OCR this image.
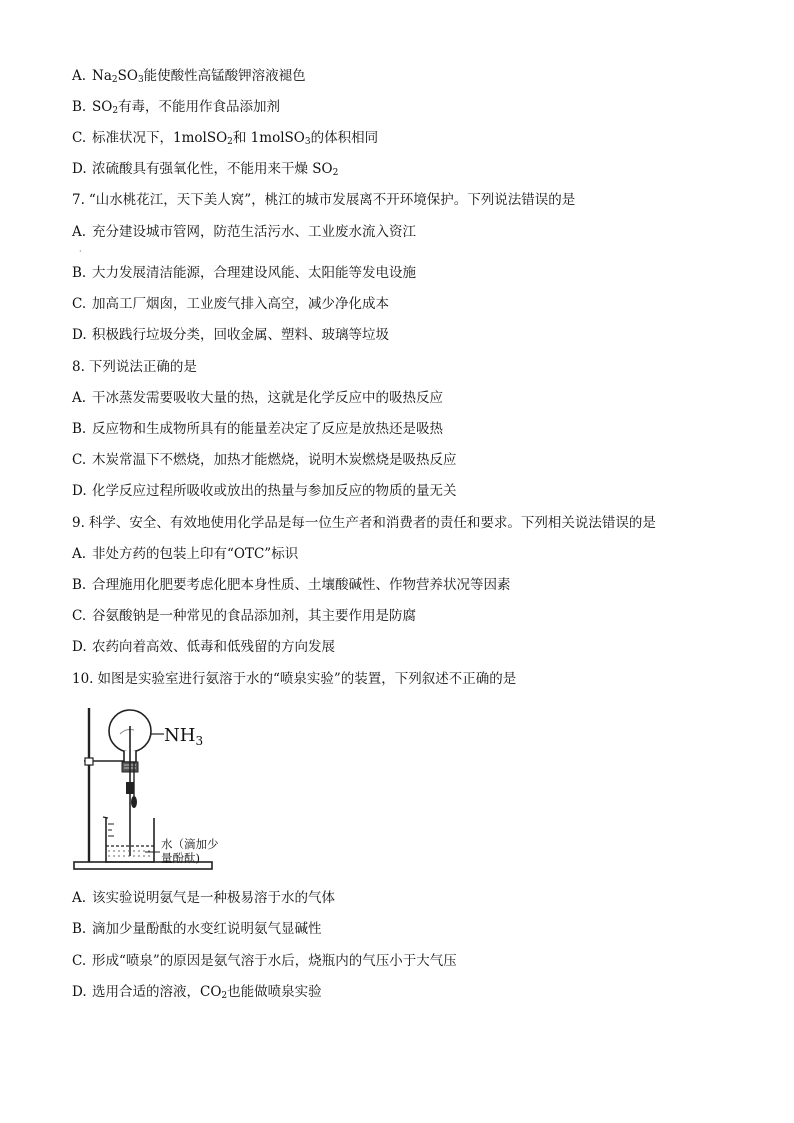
A. $Na_2SO_3$能使酸性高锰酸钾溶液褪色
B. $SO_2$有毒，不能用作食品添加剂
C. 标准状况下，1molSO$_2$和 1molSO$_3$的体积相同
D. 浓硫酸具有强氧化性，不能用来干燥 $SO_2$
7. “山水桃花江，天下美人窝”，桃江的城市发展离不开环境保护。下列说法错误的是
A. 充分建设城市管网，防范生活污水、工业废水流入资江
·
B. 大力发展清洁能源，合理建设风能、太阳能等发电设施
C. 加高工厂烟囱，工业废气排入高空，减少净化成本
D. 积极践行垃圾分类，回收金属、塑料、玻璃等垃圾
8. 下列说法正确的是
A. 干冰蒸发需要吸收大量的热，这就是化学反应中的吸热反应
B. 反应物和生成物所具有的能量差决定了反应是放热还是吸热
C. 木炭常温下不燃烧，加热才能燃烧，说明木炭燃烧是吸热反应
D. 化学反应过程所吸收或放出的热量与参加反应的物质的量无关
9. 科学、安全、有效地使用化学品是每一位生产者和消费者的责任和要求。下列相关说法错误的是
A. 非处方药的包装上印有“OTC”标识
B. 合理施用化肥要考虑化肥本身性质、土壤酸碱性、作物营养状况等因素
C. 谷氨酸钠是一种常见的食品添加剂，其主要作用是防腐
D. 农药向着高效、低毒和低残留的方向发展
10. 如图是实验室进行氨溶于水的“喷泉实验”的装置，下列叙述不正确的是
$NH_3$
水（滴加少
量酚酞)
A. 该实验说明氨气是一种极易溶于水的气体
B. 滴加少量酚酞的水变红说明氨气显碱性
C. 形成“喷泉”的原因是氨气溶于水后，烧瓶内的气压小于大气压
D. 选用合适的溶液，$CO_2$也能做喷泉实验
